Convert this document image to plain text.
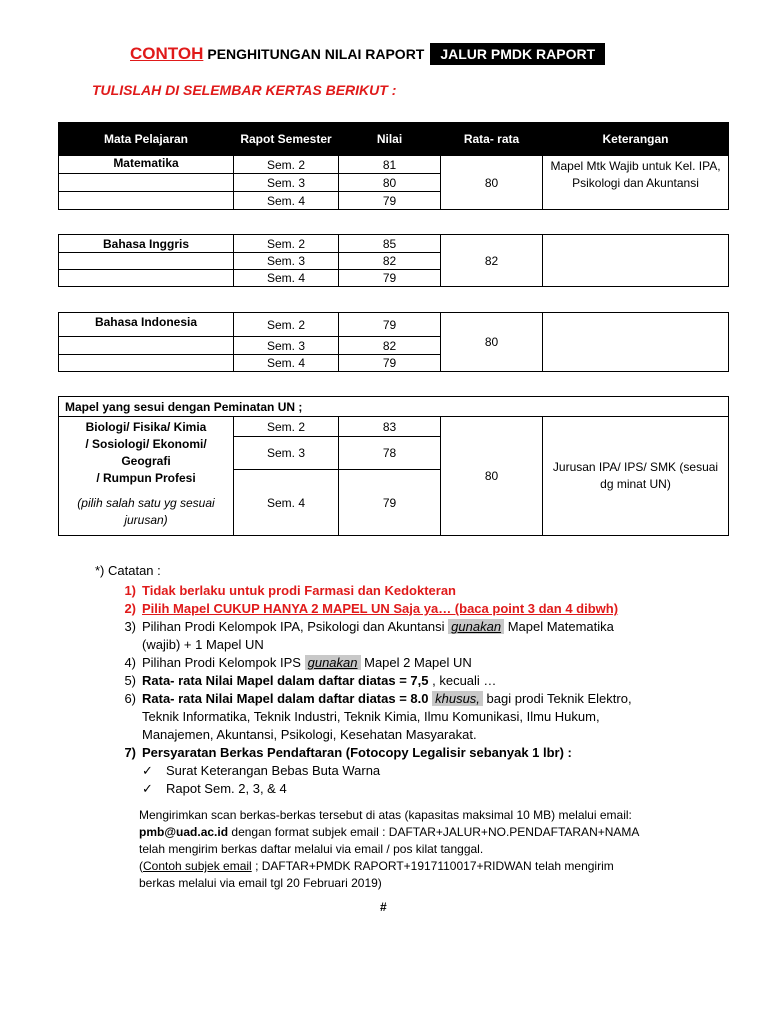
CONTOH PENGHITUNGAN NILAI RAPORT	JALUR PMDK RAPORT
TULISLAH DI SELEMBAR KERTAS BERIKUT :
Mata Pelajaran	Rapot Semester	Nilai	Rata- rata	Keterangan
Matematika	Sem. 2	81	80	Mapel Mtk Wajib untuk Kel. IPA, Psikologi dan Akuntansi
	Sem. 3	80		
	Sem. 4	79		
Bahasa Inggris	Sem. 2	85	82	
	Sem. 3	82		
	Sem. 4	79		
Bahasa Indonesia	Sem. 2	79	80	
	Sem. 3	82		
	Sem. 4	79		
Mapel yang sesui dengan Peminatan UN ;				

Biologi/ Fisika/ Kimia
/ Sosiologi/ Ekonomi/ Geografi
/ Rumpun Profesi
(pilih salah satu yg sesuai jurusan)	Sem. 2	83	80	Jurusan IPA/ IPS/ SMK (sesuai dg minat UN)
	Sem. 3	78		
	Sem. 4	79		
*) Catatan :
1) Tidak berlaku untuk prodi Farmasi dan Kedokteran
2) Pilih Mapel CUKUP HANYA 2 MAPEL UN Saja ya… (baca point 3 dan 4 dibwh)
3) Pilihan Prodi Kelompok IPA, Psikologi dan Akuntansi gunakan Mapel Matematika
(wajib) + 1 Mapel UN
4) Pilihan Prodi Kelompok IPS gunakan Mapel 2 Mapel UN
5) Rata- rata Nilai Mapel dalam daftar diatas = 7,5 , kecuali …
6) Rata- rata Nilai Mapel dalam daftar diatas = 8.0 khusus, bagi prodi Teknik Elektro,
Teknik Informatika, Teknik Industri, Teknik Kimia, Ilmu Komunikasi, Ilmu Hukum,
Manajemen, Akuntansi, Psikologi, Kesehatan Masyarakat.
7) Persyaratan Berkas Pendaftaran (Fotocopy Legalisir sebanyak 1 lbr) :
✓	Surat Keterangan Bebas Buta Warna
✓	Rapot Sem. 2, 3, & 4
Mengirimkan scan berkas-berkas tersebut di atas (kapasitas maksimal 10 MB) melalui email:
pmb@uad.ac.id dengan format subjek email : DAFTAR+JALUR+NO.PENDAFTARAN+NAMA
telah mengirim berkas daftar melalui via email / pos kilat tanggal.
(Contoh subjek email ; DAFTAR+PMDK RAPORT+1917110017+RIDWAN telah mengirim
berkas melalui via email tgl 20 Februari 2019)
#
